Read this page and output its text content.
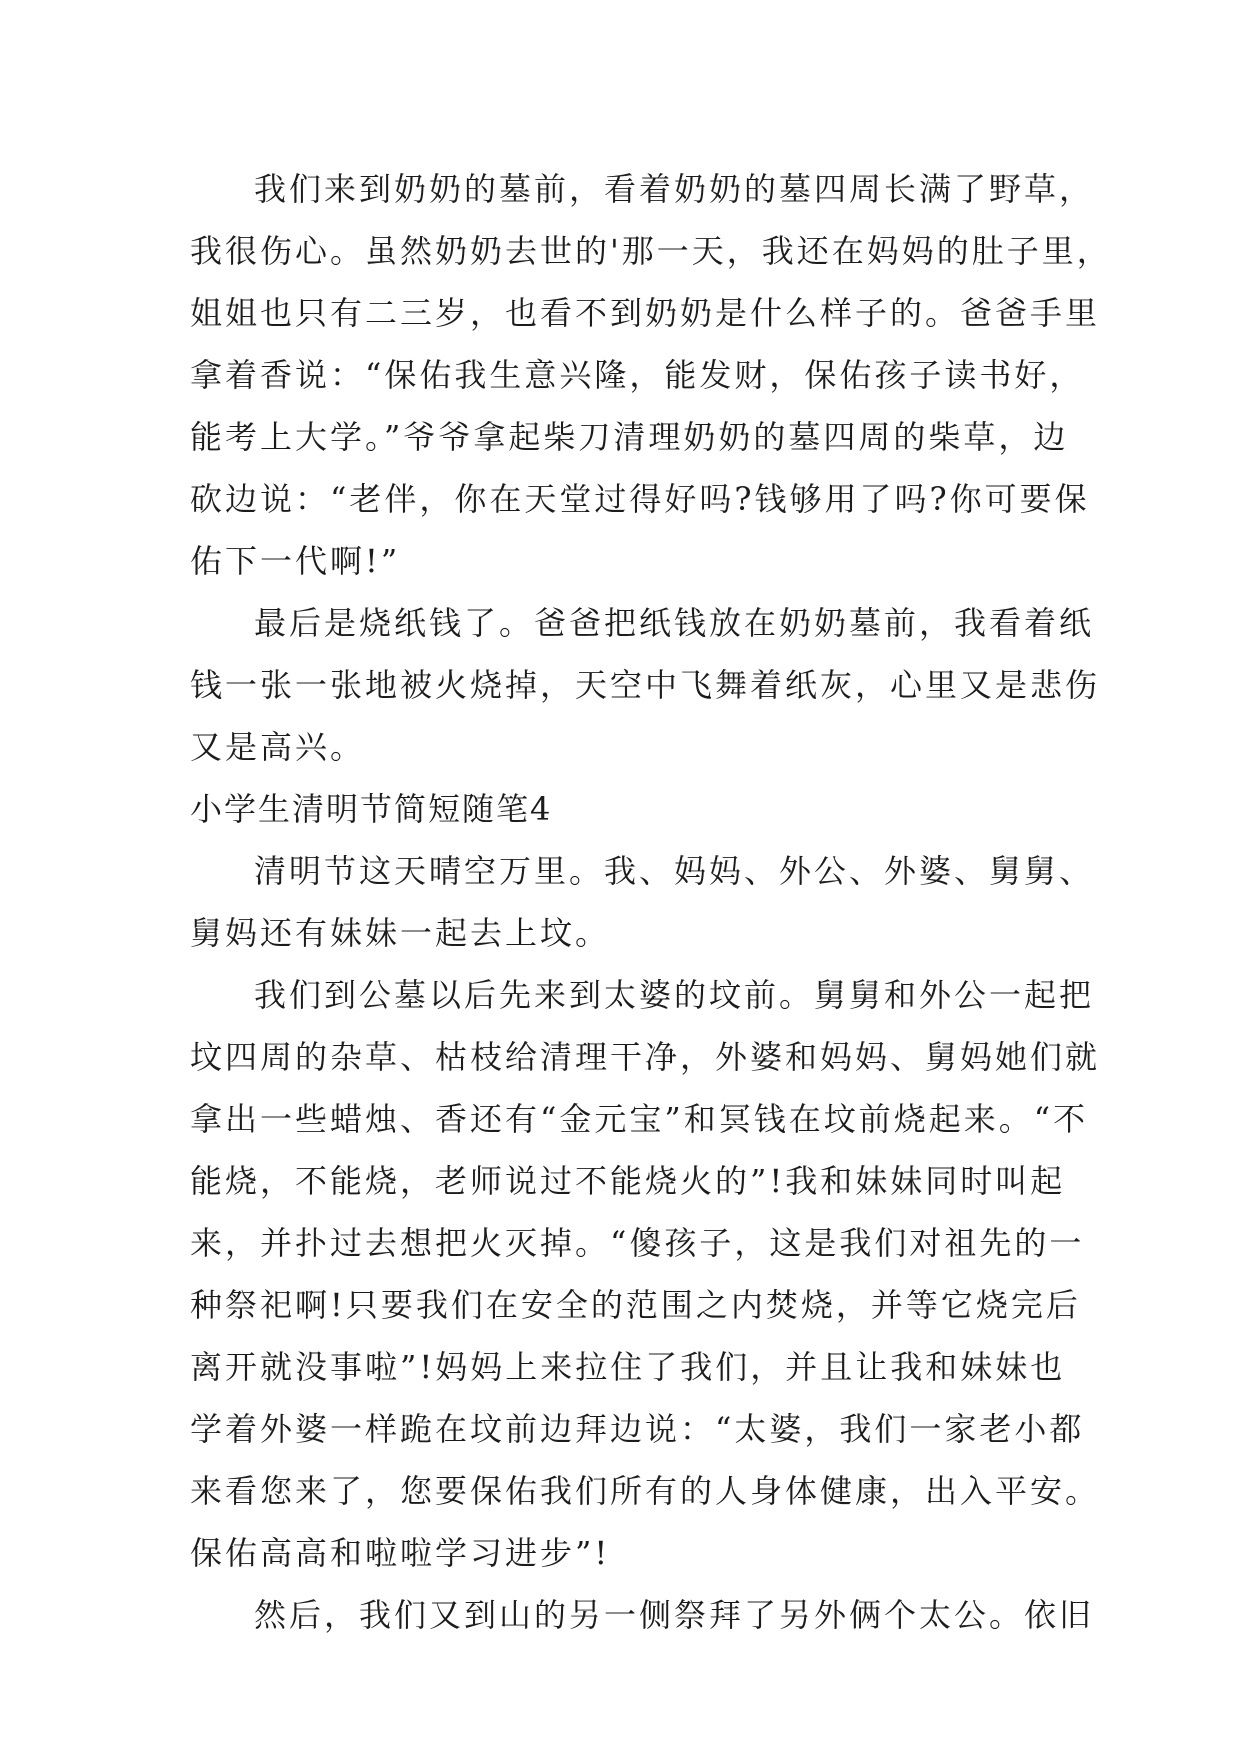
我们来到奶奶的墓前，看着奶奶的墓四周长满了野草，
我很伤心。虽然奶奶去世的'那一天，我还在妈妈的肚子里，
姐姐也只有二三岁，也看不到奶奶是什么样子的。爸爸手里
拿着香说：“保佑我生意兴隆，能发财，保佑孩子读书好，
能考上大学。”爷爷拿起柴刀清理奶奶的墓四周的柴草，边
砍边说：“老伴，你在天堂过得好吗?钱够用了吗?你可要保
佑下一代啊!”
最后是烧纸钱了。爸爸把纸钱放在奶奶墓前，我看着纸
钱一张一张地被火烧掉，天空中飞舞着纸灰，心里又是悲伤
又是高兴。
小学生清明节简短随笔4
清明节这天晴空万里。我、妈妈、外公、外婆、舅舅、
舅妈还有妹妹一起去上坟。
我们到公墓以后先来到太婆的坟前。舅舅和外公一起把
坟四周的杂草、枯枝给清理干净，外婆和妈妈、舅妈她们就
拿出一些蜡烛、香还有“金元宝”和冥钱在坟前烧起来。“不
能烧，不能烧，老师说过不能烧火的”!我和妹妹同时叫起
来，并扑过去想把火灭掉。“傻孩子，这是我们对祖先的一
种祭祀啊!只要我们在安全的范围之内焚烧，并等它烧完后
离开就没事啦”!妈妈上来拉住了我们，并且让我和妹妹也
学着外婆一样跪在坟前边拜边说：“太婆，我们一家老小都
来看您来了，您要保佑我们所有的人身体健康，出入平安。
保佑高高和啦啦学习进步”!
然后，我们又到山的另一侧祭拜了另外俩个太公。依旧
